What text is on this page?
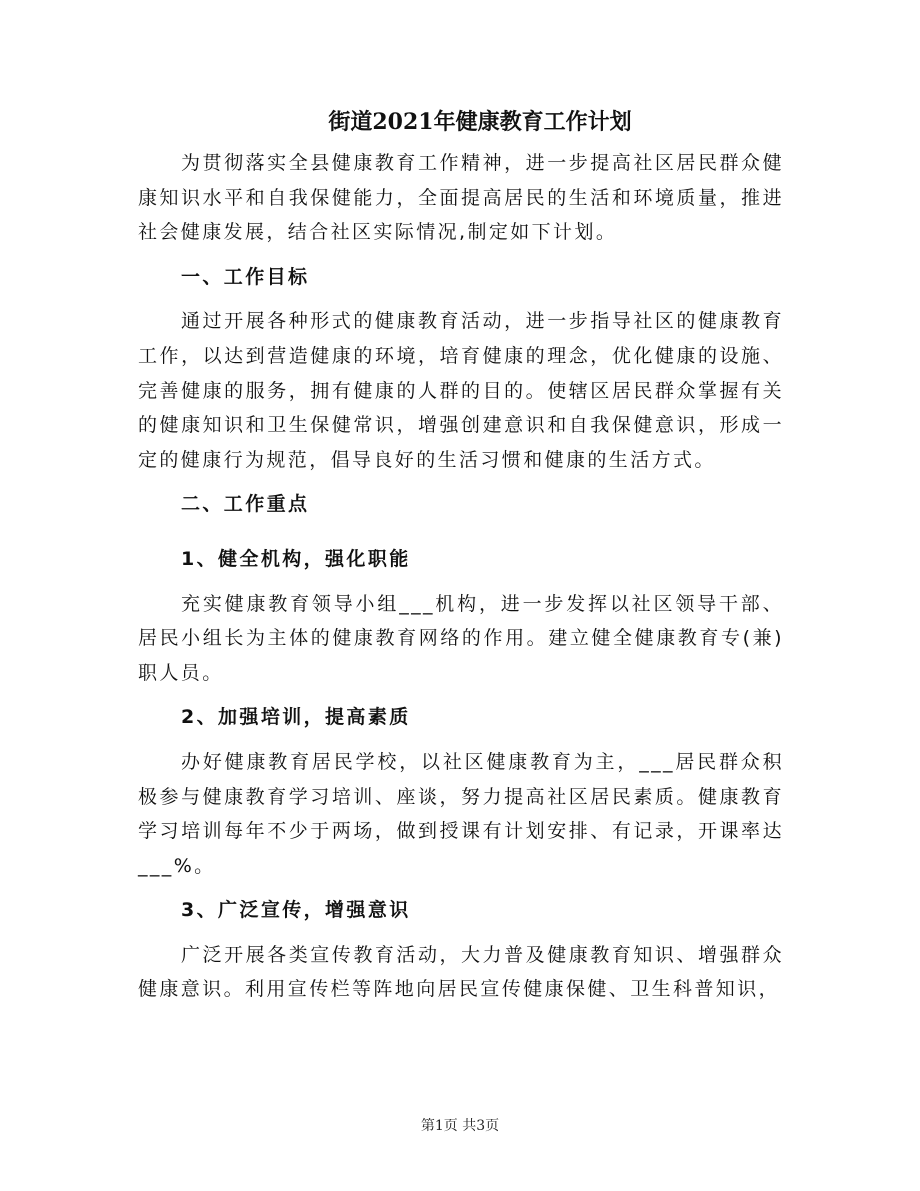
街道2021年健康教育工作计划

为贯彻落实全县健康教育工作精神，进一步提高社区居民群众健康知识水平和自我保健能力，全面提高居民的生活和环境质量，推进社会健康发展，结合社区实际情况,制定如下计划。

一、工作目标

通过开展各种形式的健康教育活动，进一步指导社区的健康教育工作，以达到营造健康的环境，培育健康的理念，优化健康的设施、完善健康的服务，拥有健康的人群的目的。使辖区居民群众掌握有关的健康知识和卫生保健常识，增强创建意识和自我保健意识，形成一定的健康行为规范，倡导良好的生活习惯和健康的生活方式。

二、工作重点

1、健全机构，强化职能

充实健康教育领导小组___机构，进一步发挥以社区领导干部、居民小组长为主体的健康教育网络的作用。建立健全健康教育专(兼)职人员。

2、加强培训，提高素质

办好健康教育居民学校，以社区健康教育为主，___居民群众积极参与健康教育学习培训、座谈，努力提高社区居民素质。健康教育学习培训每年不少于两场，做到授课有计划安排、有记录，开课率达___%。

3、广泛宣传，增强意识

广泛开展各类宣传教育活动，大力普及健康教育知识、增强群众健康意识。利用宣传栏等阵地向居民宣传健康保健、卫生科普知识，

第1页 共3页
